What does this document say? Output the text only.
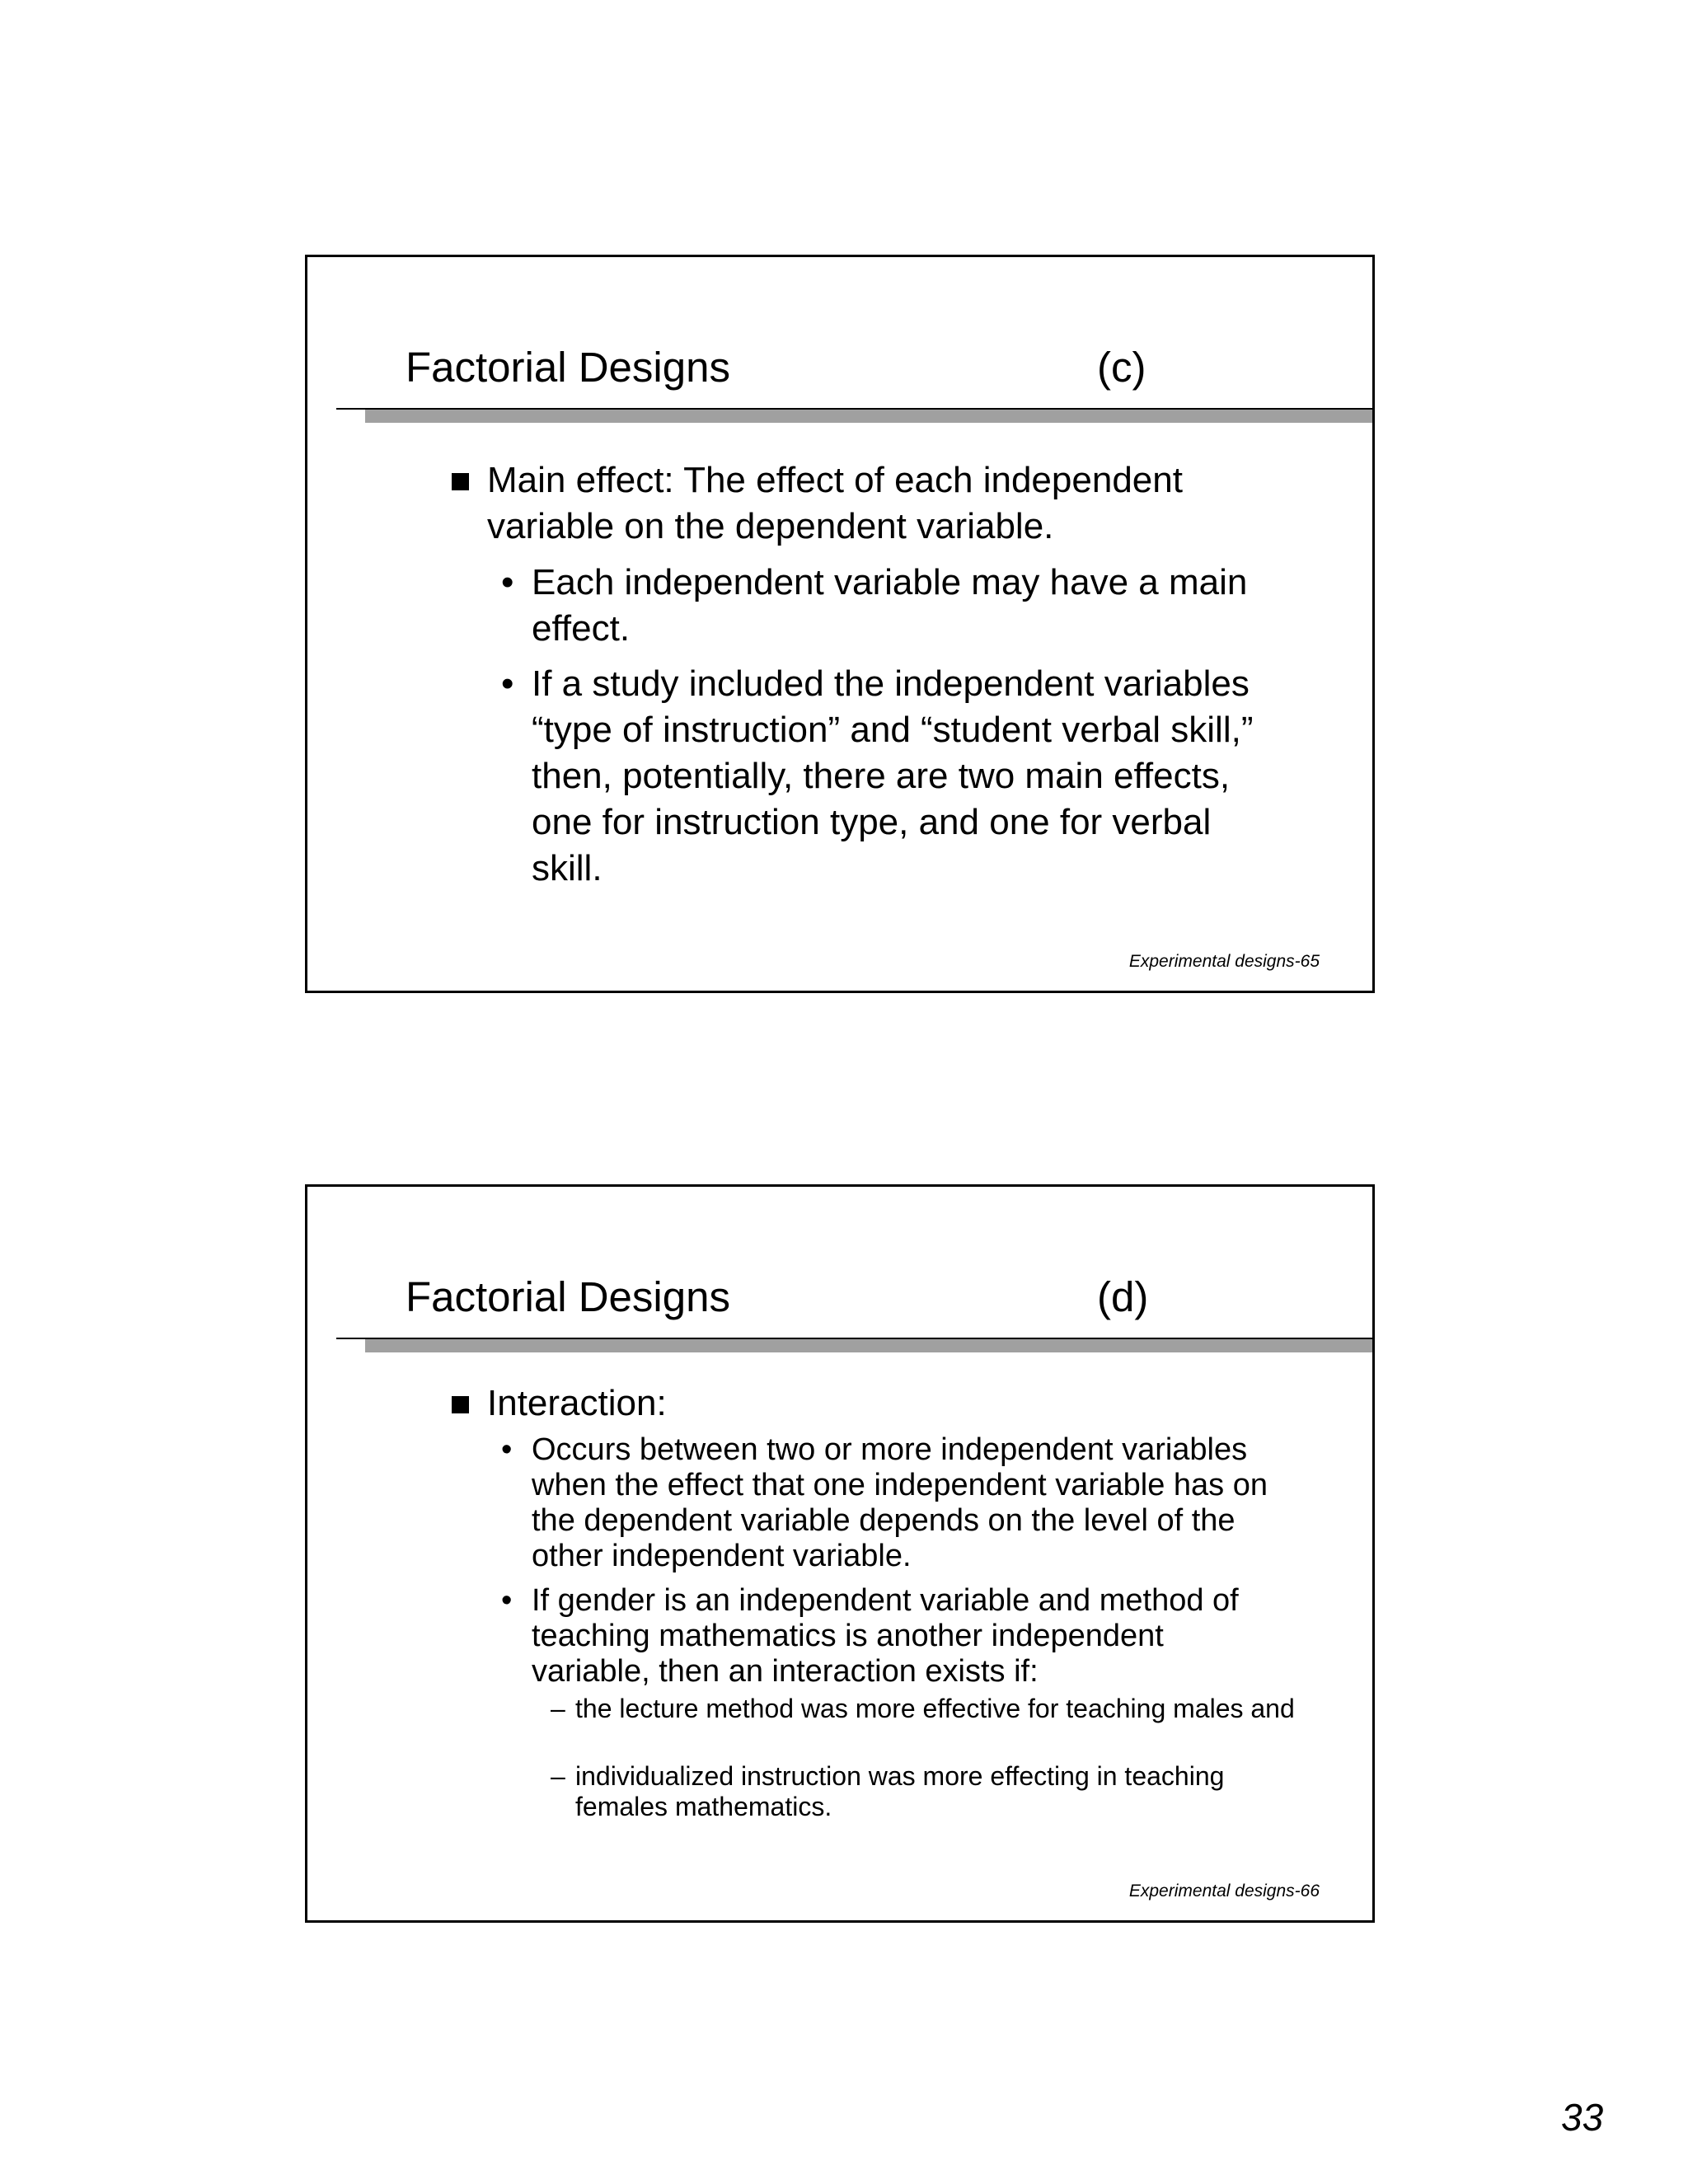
Factorial Designs	(c)
Main effect: The effect of each independent variable on the dependent variable.
• Each independent variable may have a main effect.
• If a study included the independent variables “type of instruction” and “student verbal skill,” then, potentially, there are two main effects, one for instruction type, and one for verbal skill.
Experimental designs-65
Factorial Designs	(d)
Interaction:
• Occurs between two or more independent variables when the effect that one independent variable has on the dependent variable depends on the level of the other independent variable.
• If gender is an independent variable and method of teaching mathematics is another independent variable, then an interaction exists if:
– the lecture method was more effective for teaching males and
– individualized instruction was more effecting in teaching females mathematics.
Experimental designs-66
33
